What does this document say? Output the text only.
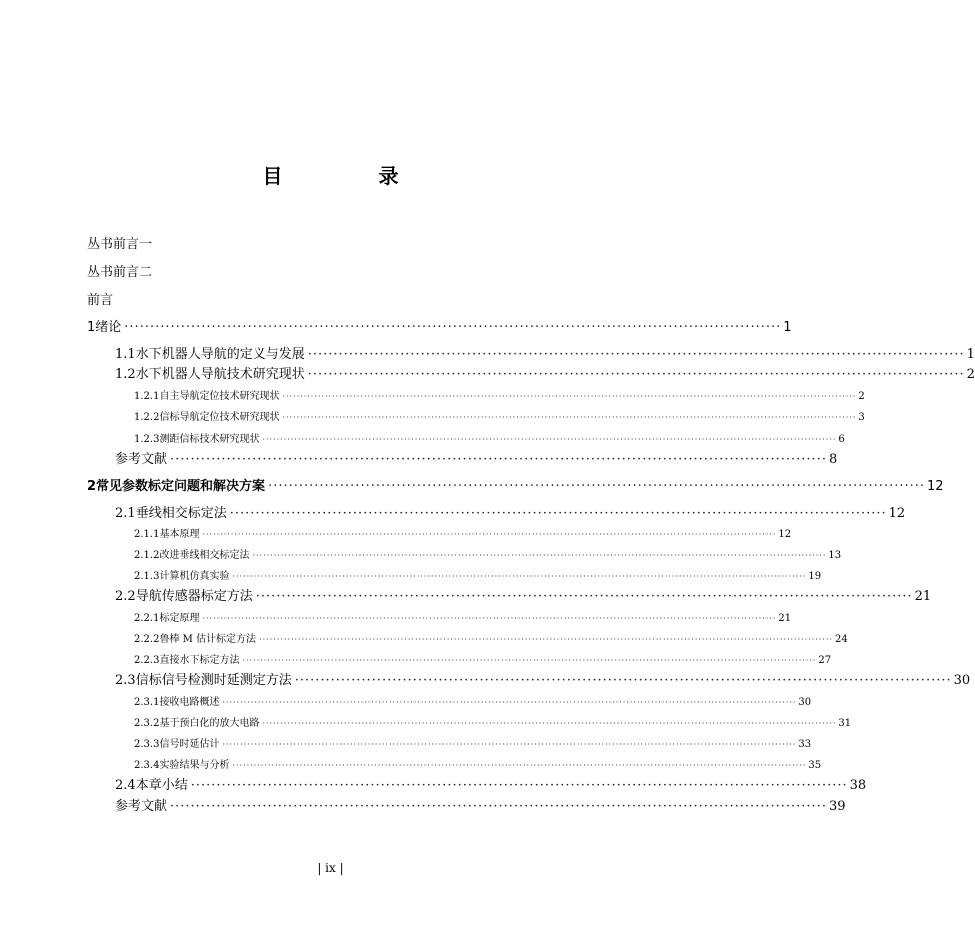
目　录
丛书前言一
丛书前言二
前言
1 绪论 ································································································································ 1
1.1 水下机器人导航的定义与发展 ································································································································ 1
1.2 水下机器人导航技术研究现状 ································································································································ 2
1.2.1 自主导航定位技术研究现状 ·································································································································································· 2
1.2.2 信标导航定位技术研究现状 ·································································································································································· 3
1.2.3 测距信标技术研究现状 ·································································································································································· 6
参考文献 ································································································································ 8
2 常见参数标定问题和解决方案 ································································································································ 12
2.1 垂线相交标定法 ································································································································ 12
2.1.1 基本原理 ·································································································································································· 12
2.1.2 改进垂线相交标定法 ·································································································································································· 13
2.1.3 计算机仿真实验 ·································································································································································· 19
2.2 导航传感器标定方法 ································································································································ 21
2.2.1 标定原理 ·································································································································································· 21
2.2.2 鲁棒 M 估计标定方法 ·································································································································································· 24
2.2.3 直接水下标定方法 ·································································································································································· 27
2.3 信标信号检测时延测定方法 ································································································································ 30
2.3.1 接收电路概述 ·································································································································································· 30
2.3.2 基于预白化的放大电路 ·································································································································································· 31
2.3.3 信号时延估计 ·································································································································································· 33
2.3.4 实验结果与分析 ·································································································································································· 35
2.4 本章小结 ································································································································ 38
参考文献 ································································································································ 39
| ix |
